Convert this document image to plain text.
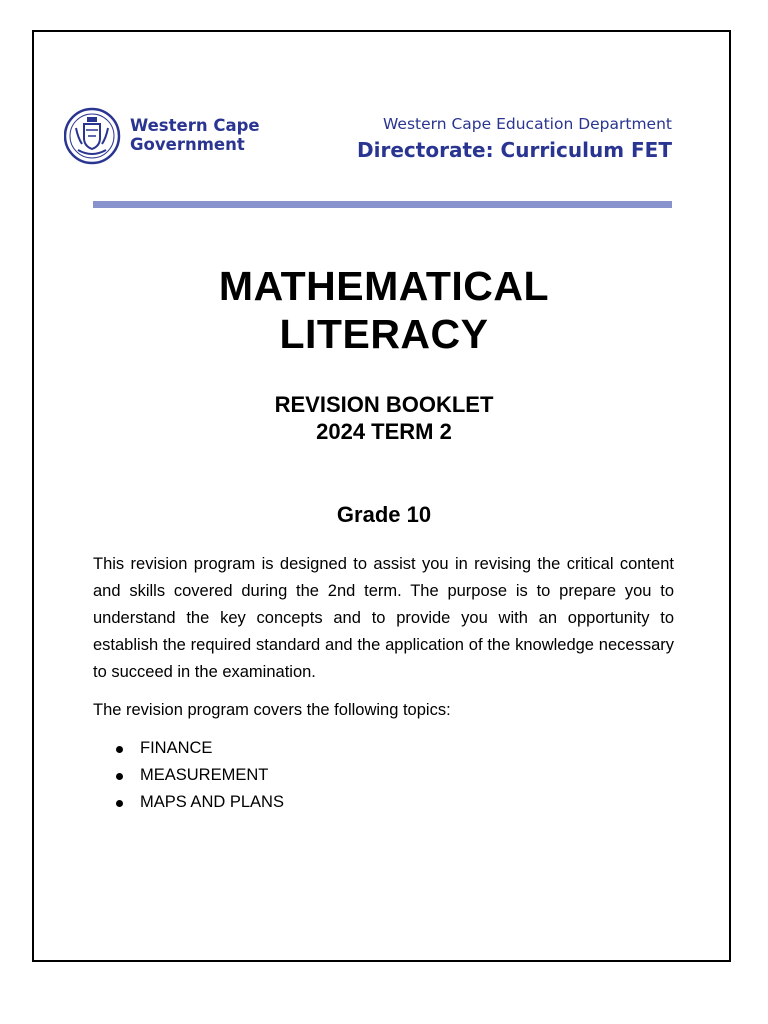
Western Cape
Government
Western Cape Education Department
Directorate: Curriculum FET
MATHEMATICAL
LITERACY
REVISION BOOKLET
2024 TERM 2
Grade 10

This revision program is designed to assist you in revising the critical content and skills covered during the 2nd term. The purpose is to prepare you to understand the key concepts and to provide you with an opportunity to establish the required standard and the application of the knowledge necessary to succeed in the examination.

The revision program covers the following topics:

FINANCE
MEASUREMENT
MAPS AND PLANS
